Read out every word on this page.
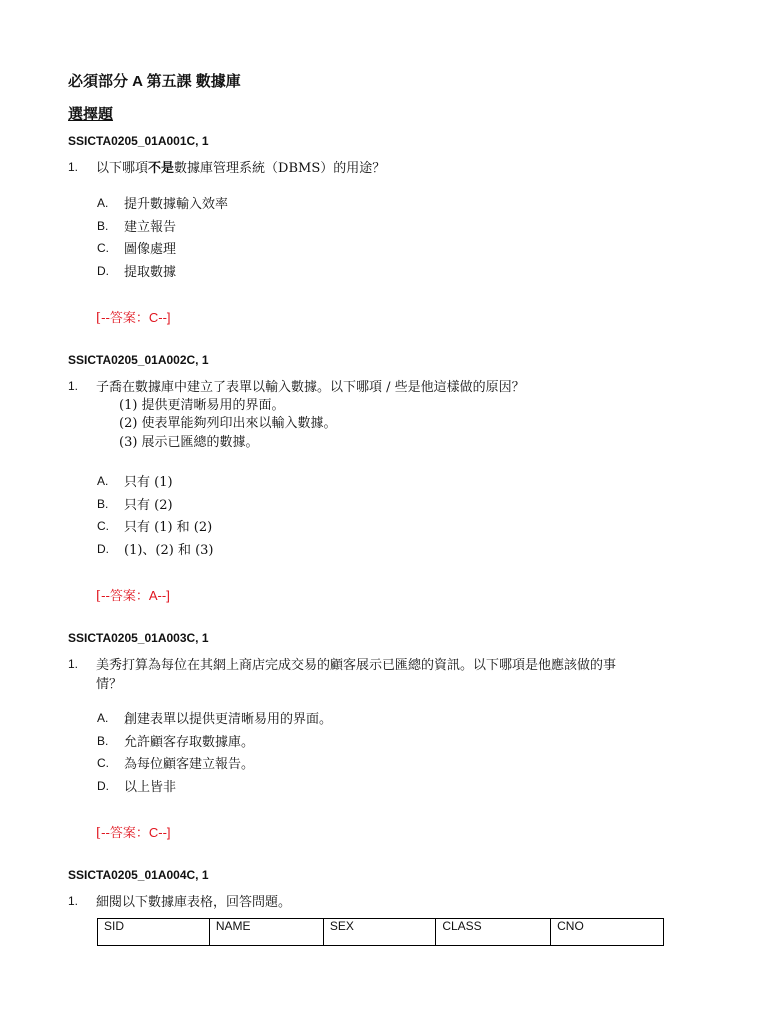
必須部分 A 第五課 數據庫
選擇題
SSICTA0205_01A001C, 1
1. 以下哪項不是數據庫管理系統（DBMS）的用途？
A. 提升數據輸入效率
B. 建立報告
C. 圖像處理
D. 提取數據
[--答案：C--]
SSICTA0205_01A002C, 1
1. 子喬在數據庫中建立了表單以輸入數據。以下哪項 / 些是他這樣做的原因？
(1) 提供更清晰易用的界面。
(2) 使表單能夠列印出來以輸入數據。
(3) 展示已匯總的數據。
A. 只有 (1)
B. 只有 (2)
C. 只有 (1) 和 (2)
D. (1)、(2) 和 (3)
[--答案：A--]
SSICTA0205_01A003C, 1
1. 美秀打算為每位在其網上商店完成交易的顧客展示已匯總的資訊。以下哪項是他應該做的事
情？
A. 創建表單以提供更清晰易用的界面。
B. 允許顧客存取數據庫。
C. 為每位顧客建立報告。
D. 以上皆非
[--答案：C--]
SSICTA0205_01A004C, 1
1. 細閱以下數據庫表格，回答問題。
SID	NAME	SEX	CLASS	CNO
